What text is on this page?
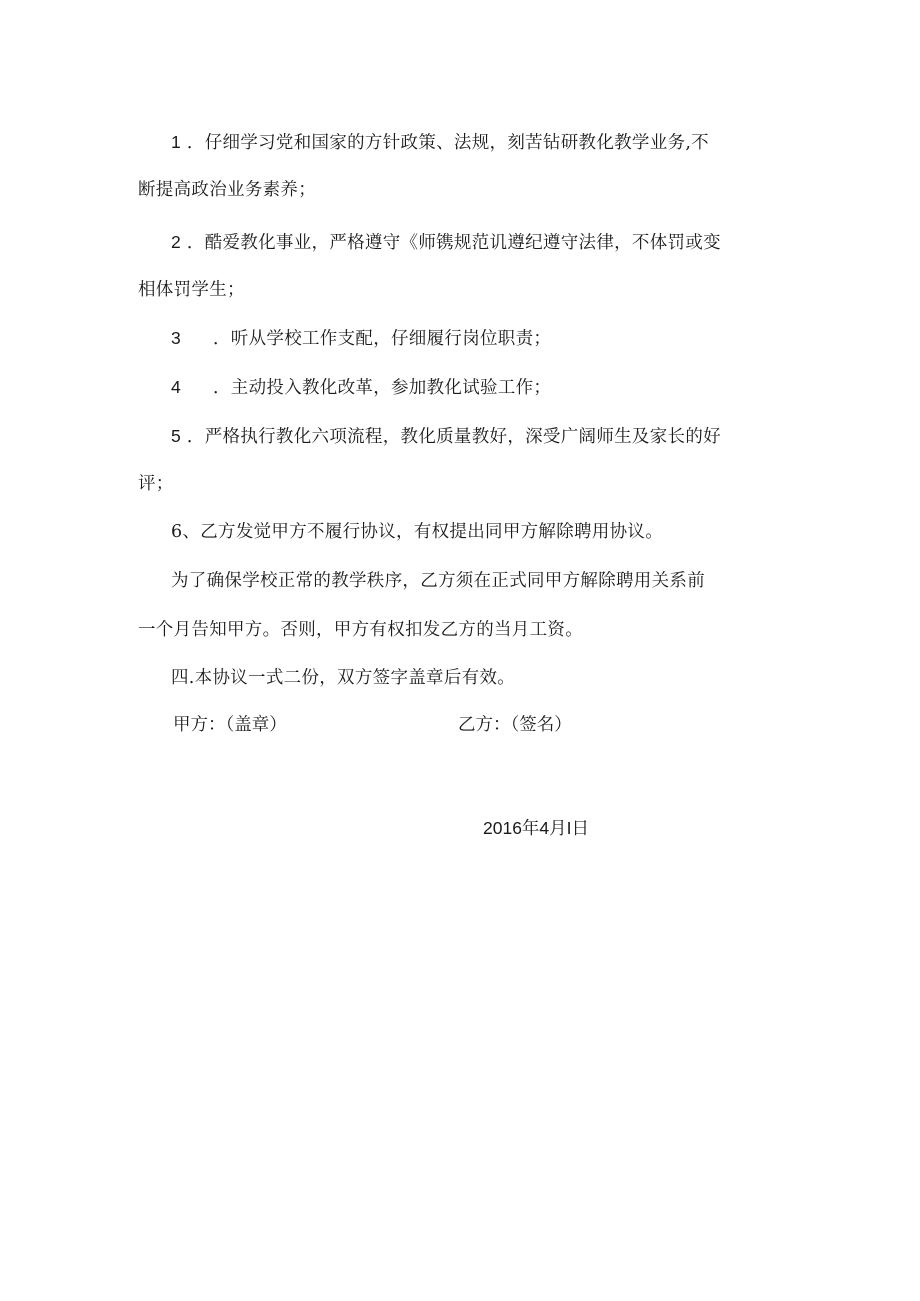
1 ．仔细学习党和国家的方针政策、法规，刻苦钻研教化教学业务,不
断提高政治业务素养；
2 ．酷爱教化事业，严格遵守《师镌规范讥遵纪遵守法律，不体罚或变
相体罚学生；
3 ．听从学校工作支配，仔细履行岗位职责；
4 ．主动投入教化改革，参加教化试验工作；
5 ．严格执行教化六项流程，教化质量教好，深受广阔师生及家长的好
评；
6、乙方发觉甲方不履行协议，有权提出同甲方解除聘用协议。
为了确保学校正常的教学秩序，乙方须在正式同甲方解除聘用关系前
一个月告知甲方。否则，甲方有权扣发乙方的当月工资。
四.本协议一式二份，双方签字盖章后有效。
甲方：（盖章）	乙方：（签名）
2016年4月I日
